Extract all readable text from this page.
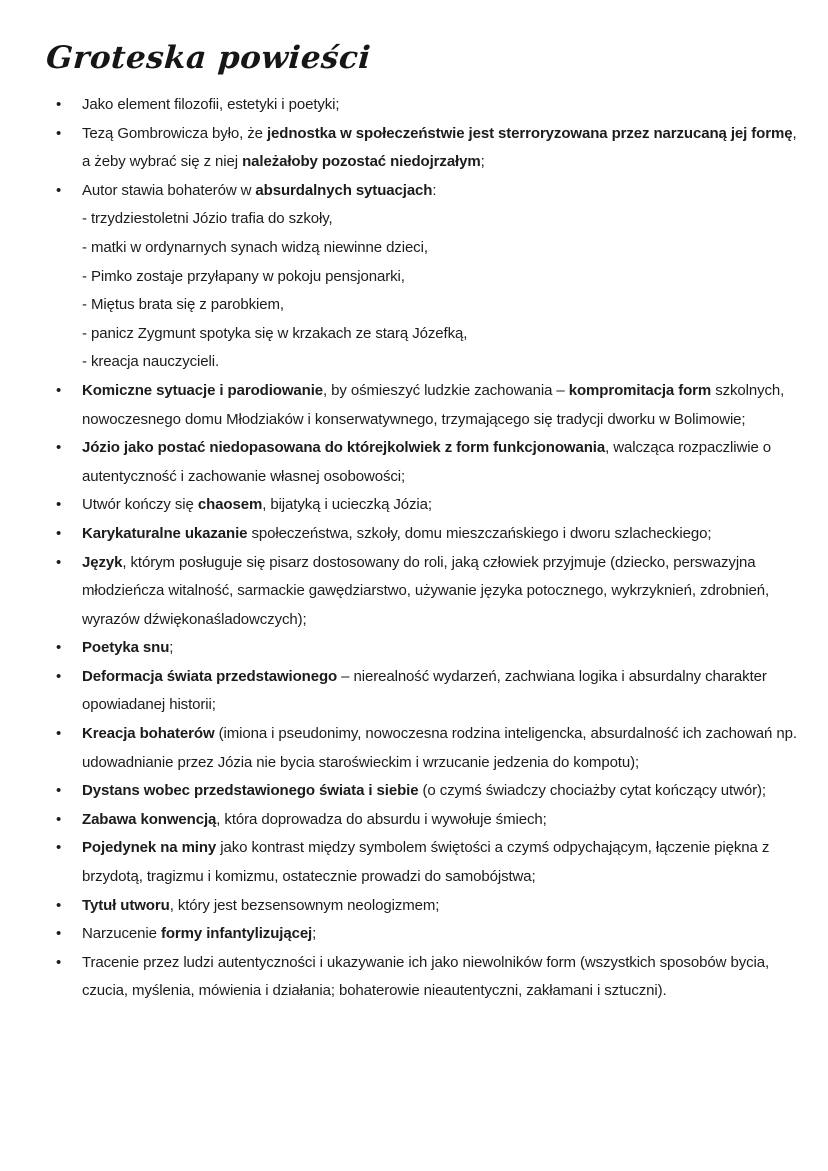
Groteska powieści
• Jako element filozofii, estetyki i poetyki;
• Tezą Gombrowicza było, że jednostka w społeczeństwie jest sterroryzowana przez narzucaną jej formę, a żeby wybrać się z niej należałoby pozostać niedojrzałym;
• Autor stawia bohaterów w absurdalnych sytuacjach:
- trzydziestoletni Józio trafia do szkoły,
- matki w ordynarnych synach widzą niewinne dzieci,
- Pimko zostaje przyłapany w pokoju pensjonarki,
- Miętus brata się z parobkiem,
- panicz Zygmunt spotyka się w krzakach ze starą Józefką,
- kreacja nauczycieli.
• Komiczne sytuacje i parodiowanie, by ośmieszyć ludzkie zachowania – kompromitacja form szkolnych, nowoczesnego domu Młodziaków i konserwatywnego, trzymającego się tradycji dworku w Bolimowie;
• Józio jako postać niedopasowana do którejkolwiek z form funkcjonowania, walcząca rozpaczliwie o autentyczność i zachowanie własnej osobowości;
• Utwór kończy się chaosem, bijatyką i ucieczką Józia;
• Karykaturalne ukazanie społeczeństwa, szkoły, domu mieszczańskiego i dworu szlacheckiego;
• Język, którym posługuje się pisarz dostosowany do roli, jaką człowiek przyjmuje (dziecko, perswazyjna młodzieńcza witalność, sarmackie gawędziarstwo, używanie języka potocznego, wykrzyknień, zdrobnień, wyrazów dźwiękonaśladowczych);
• Poetyka snu;
• Deformacja świata przedstawionego – nierealność wydarzeń, zachwiana logika i absurdalny charakter opowiadanej historii;
• Kreacja bohaterów (imiona i pseudonimy, nowoczesna rodzina inteligencka, absurdalność ich zachowań np. udowadnianie przez Józia nie bycia staroświeckim i wrzucanie jedzenia do kompotu);
• Dystans wobec przedstawionego świata i siebie (o czymś świadczy chociażby cytat kończący utwór);
• Zabawa konwencją, która doprowadza do absurdu i wywołuje śmiech;
• Pojedynek na miny jako kontrast między symbolem świętości a czymś odpychającym, łączenie piękna z brzydotą, tragizmu i komizmu, ostatecznie prowadzi do samobójstwa;
• Tytuł utworu, który jest bezsensownym neologizmem;
• Narzucenie formy infantylizującej;
• Tracenie przez ludzi autentyczności i ukazywanie ich jako niewolników form (wszystkich sposobów bycia, czucia, myślenia, mówienia i działania; bohaterowie nieautentyczni, zakłamani i sztuczni).
